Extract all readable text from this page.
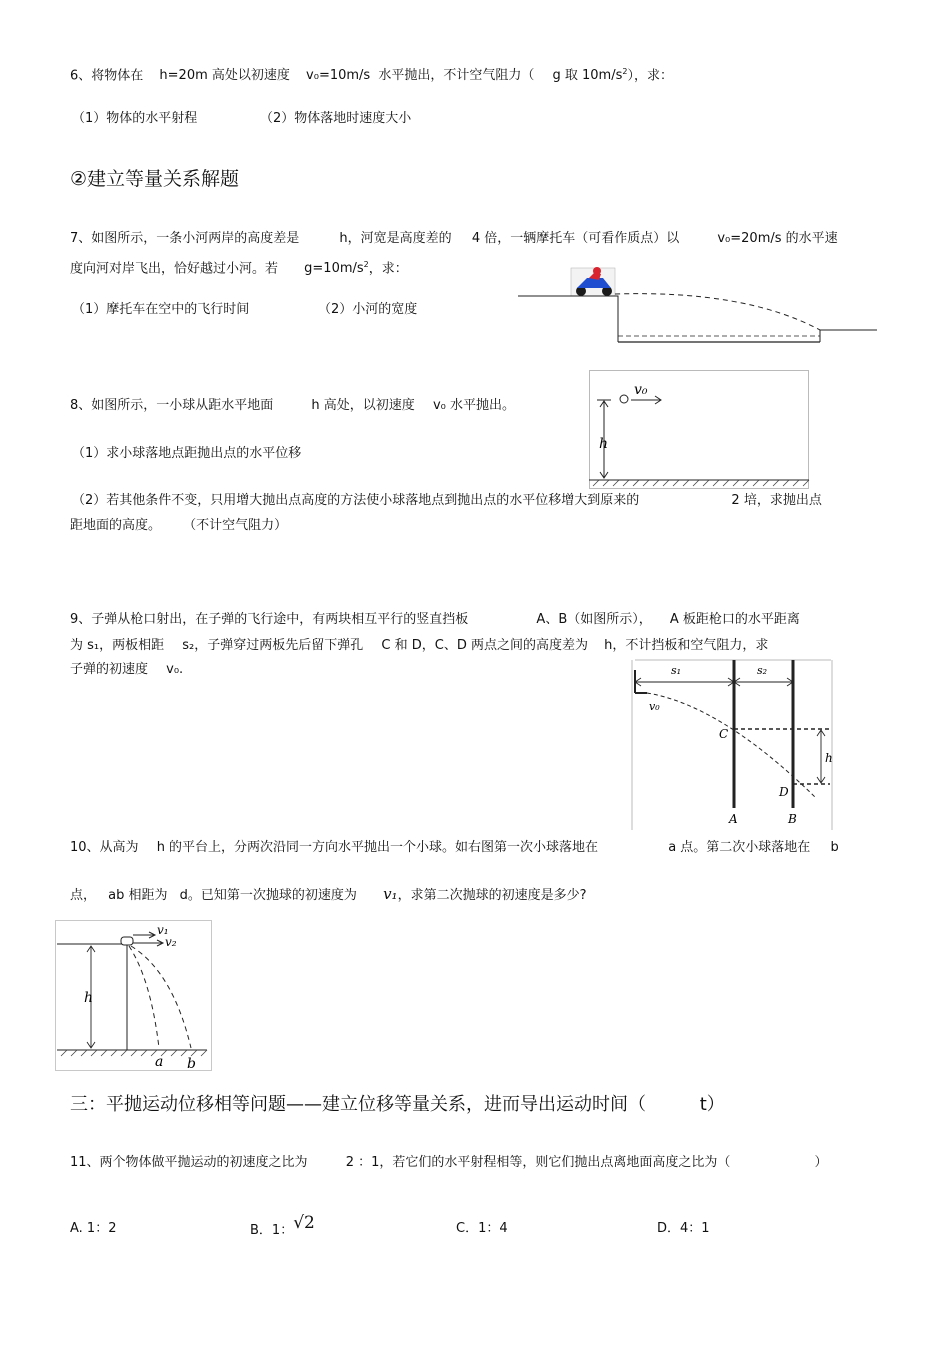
6、将物体在 h=20m 高处以初速度 v₀=10m/s 水平抛出，不计空气阻力（ g 取 $10m/s^2$），求：
（1）物体的水平射程	（2）物体落地时速度大小
②建立等量关系解题
7、如图所示，一条小河两岸的高度差是	h，河宽是高度差的 4 倍，一辆摩托车（可看作质点）以	v₀=20m/s 的水平速
度向河对岸飞出，恰好越过小河。若 $g=10m/s^2$，求：
（1）摩托车在空中的飞行时间	（2）小河的宽度
8、如图所示，一小球从距水平地面	h 高处，以初速度 v₀ 水平抛出。
（1）求小球落地点距抛出点的水平位移
（2）若其他条件不变，只用增大抛出点高度的方法使小球落地点到抛出点的水平位移增大到原来的	2 培，求抛出点
距地面的高度。 （不计空气阻力）
v₀
h
9、子弹从枪口射出，在子弹的飞行途中，有两块相互平行的竖直挡板	A、B（如图所示）， A 板距枪口的水平距离
为 s₁，两板相距 s₂，子弹穿过两板先后留下弹孔 C 和 D，C、D 两点之间的高度差为 h，不计挡板和空气阻力，求
子弹的初速度 v₀.	s₁	s₂
v₀
C
D
h
A	B
10、从高为 h 的平台上，分两次沿同一方向水平抛出一个小球。如右图第一次小球落地在	a 点。第二次小球落地在 b
点， ab 相距为 d。已知第一次抛球的初速度为 v₁，求第二次抛球的初速度是多少?
v₁
v₂
h
a b
三：平抛运动位移相等问题——建立位移等量关系，进而导出运动时间（	t）
11、两个物体做平抛运动的初速度之比为	2 ：1，若它们的水平射程相等，则它们抛出点离地面高度之比为（	）
A. 1：2	B．1：√2	C．1：4	D．4：1
